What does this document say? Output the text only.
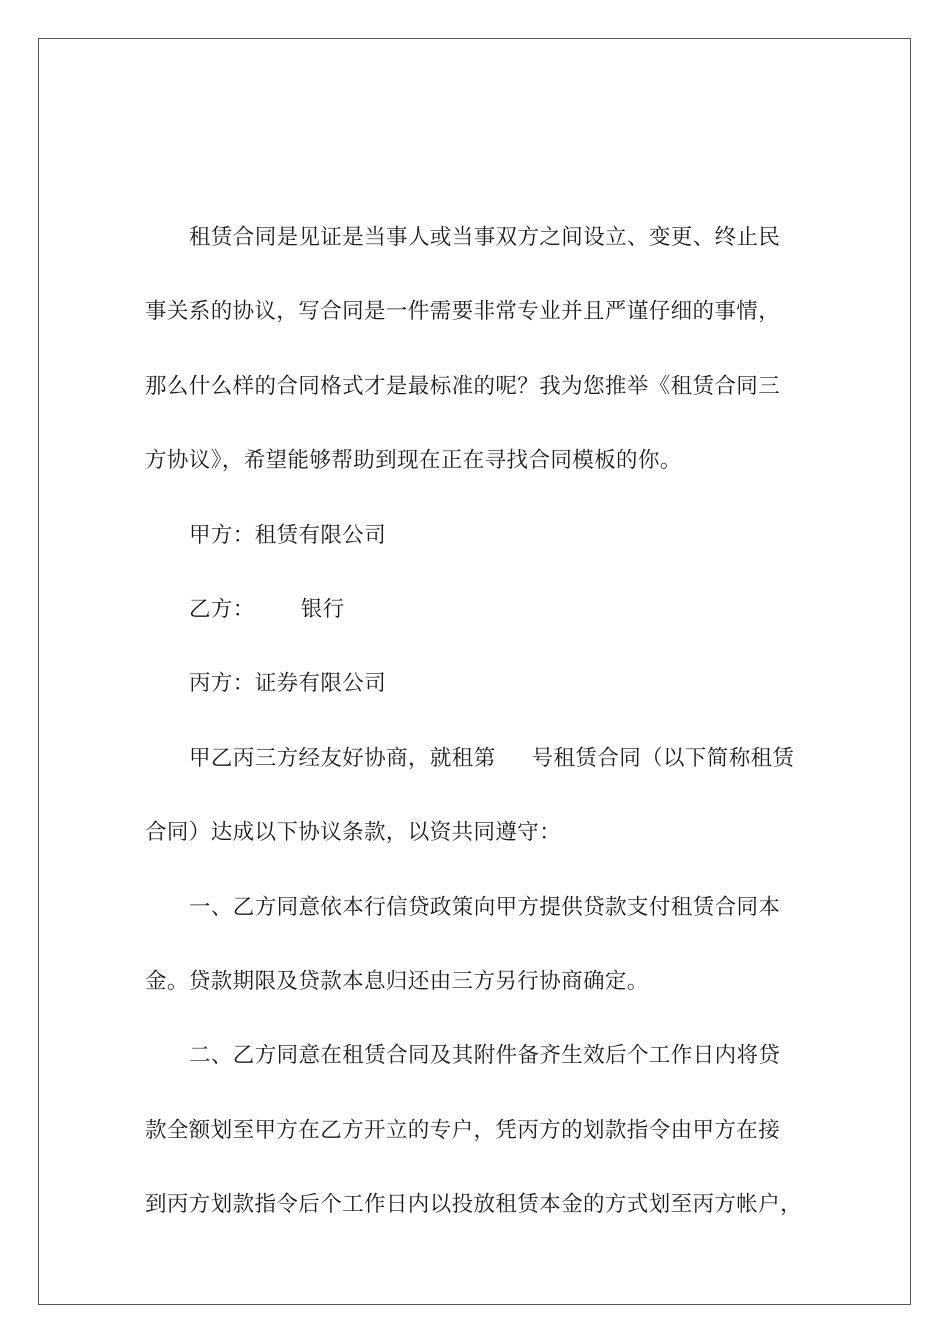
租赁合同是见证是当事人或当事双方之间设立、变更、终止民
事关系的协议，写合同是一件需要非常专业并且严谨仔细的事情，
那么什么样的合同格式才是最标准的呢？我为您推举《租赁合同三
方协议》，希望能够帮助到现在正在寻找合同模板的你。
甲方：租赁有限公司
乙方： 银行
丙方：证券有限公司
甲乙丙三方经友好协商，就租第 号租赁合同（以下简称租赁
合同）达成以下协议条款，以资共同遵守：
一、乙方同意依本行信贷政策向甲方提供贷款支付租赁合同本
金。贷款期限及贷款本息归还由三方另行协商确定。
二、乙方同意在租赁合同及其附件备齐生效后个工作日内将贷
款全额划至甲方在乙方开立的专户，凭丙方的划款指令由甲方在接
到丙方划款指令后个工作日内以投放租赁本金的方式划至丙方帐户，
